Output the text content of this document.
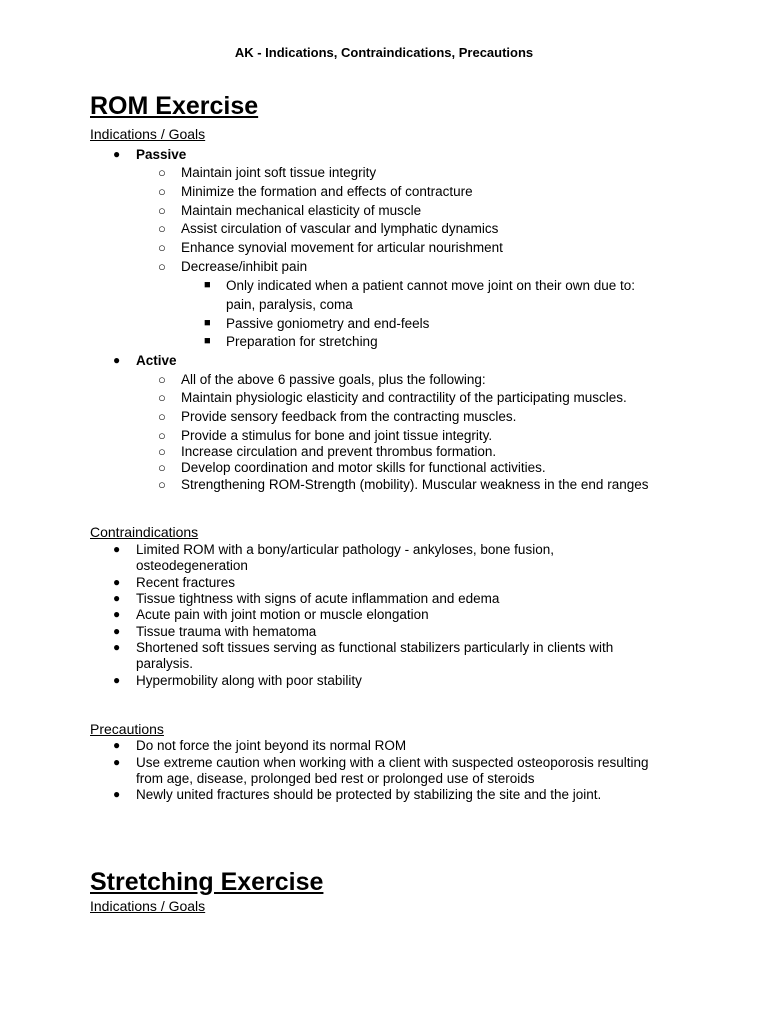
AK - Indications, Contraindications, Precautions
ROM Exercise
Indications / Goals
● Passive
○ Maintain joint soft tissue integrity
○ Minimize the formation and effects of contracture
○ Maintain mechanical elasticity of muscle
○ Assist circulation of vascular and lymphatic dynamics
○ Enhance synovial movement for articular nourishment
○ Decrease/inhibit pain
■ Only indicated when a patient cannot move joint on their own due to:
pain, paralysis, coma
■ Passive goniometry and end-feels
■ Preparation for stretching
● Active
○ All of the above 6 passive goals, plus the following:
○ Maintain physiologic elasticity and contractility of the participating muscles.
○ Provide sensory feedback from the contracting muscles.
○ Provide a stimulus for bone and joint tissue integrity.
○ Increase circulation and prevent thrombus formation.
○ Develop coordination and motor skills for functional activities.
○ Strengthening ROM-Strength (mobility). Muscular weakness in the end ranges
Contraindications
● Limited ROM with a bony/articular pathology - ankyloses, bone fusion,
osteodegeneration
● Recent fractures
● Tissue tightness with signs of acute inflammation and edema
● Acute pain with joint motion or muscle elongation
● Tissue trauma with hematoma
● Shortened soft tissues serving as functional stabilizers particularly in clients with
paralysis.
● Hypermobility along with poor stability
Precautions
● Do not force the joint beyond its normal ROM
● Use extreme caution when working with a client with suspected osteoporosis resulting
from age, disease, prolonged bed rest or prolonged use of steroids
● Newly united fractures should be protected by stabilizing the site and the joint.
Stretching Exercise
Indications / Goals
